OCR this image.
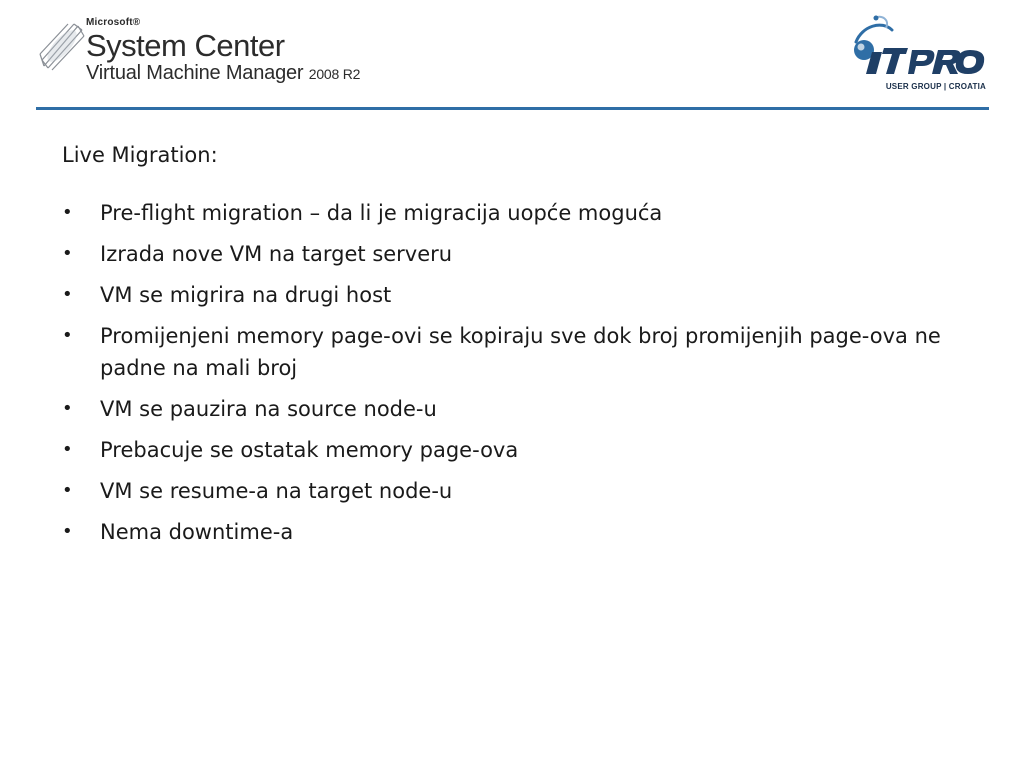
Microsoft®
System Center
Virtual Machine Manager 2008 R2
USER GROUP | CROATIA
Live Migration:
• Pre-flight migration – da li je migracija uopće moguća
• Izrada nove VM na target serveru
• VM se migrira na drugi host
• Promijenjeni memory page-ovi se kopiraju sve dok broj promijenjih page-ova ne padne na mali broj
• VM se pauzira na source node-u
• Prebacuje se ostatak memory page-ova
• VM se resume-a na target node-u
• Nema downtime-a
